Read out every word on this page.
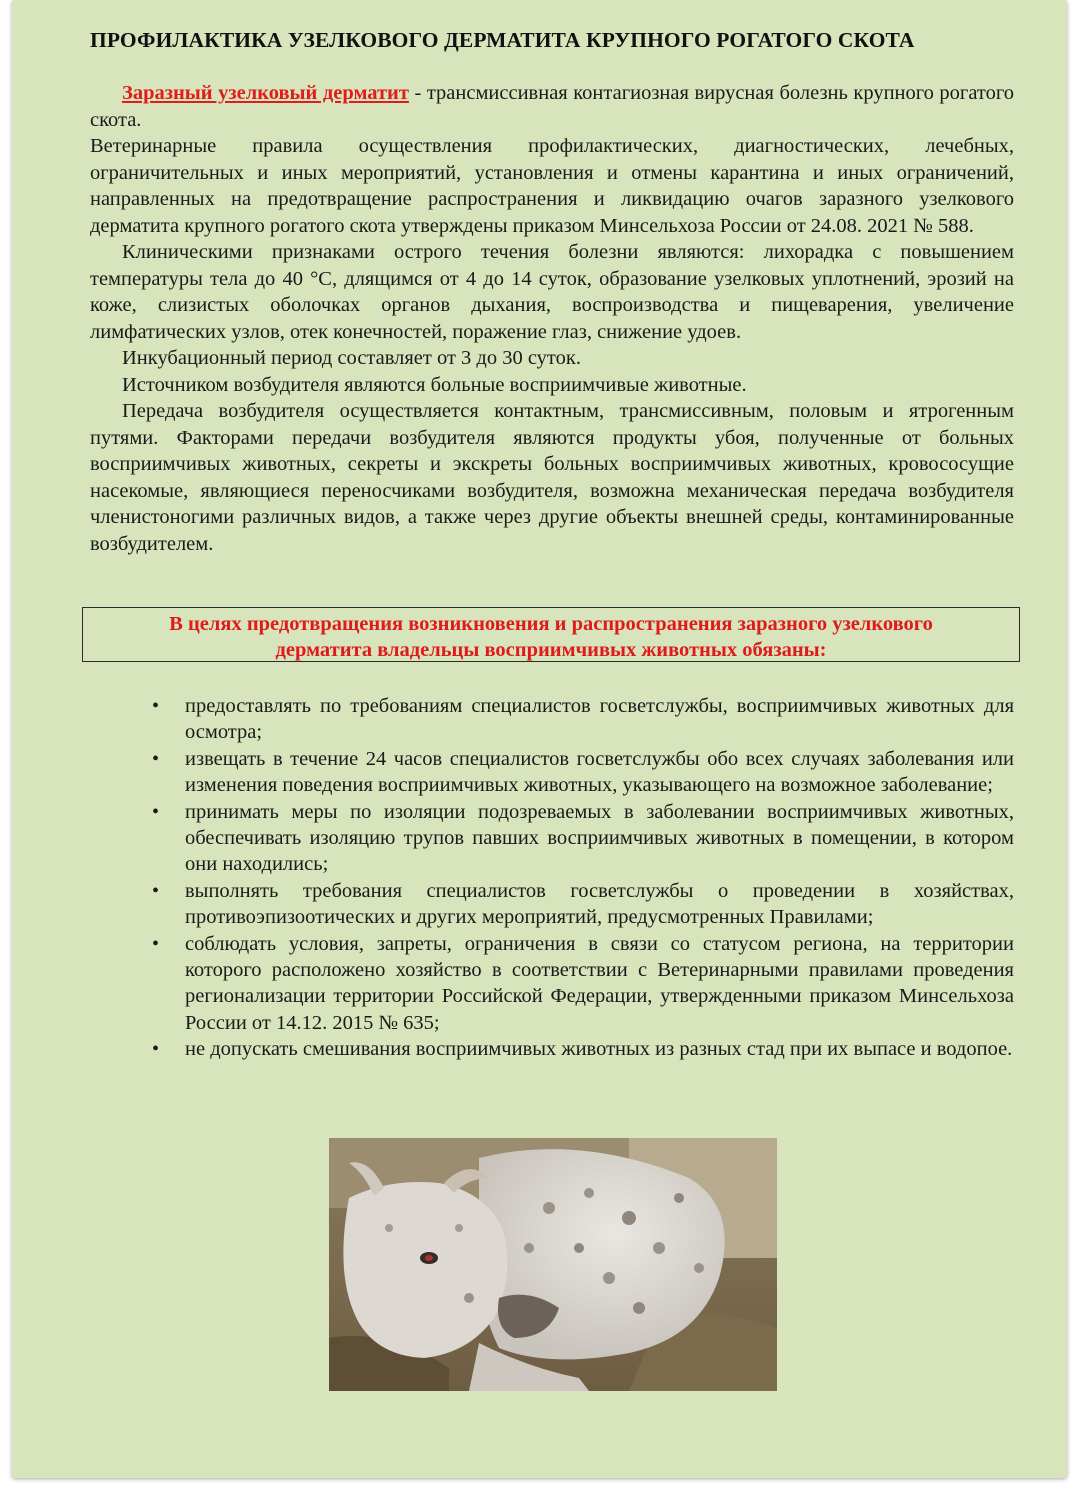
ПРОФИЛАКТИКА УЗЕЛКОВОГО ДЕРМАТИТА КРУПНОГО РОГАТОГО СКОТА

Заразный узелковый дерматит - трансмиссивная контагиозная вирусная болезнь крупного рогатого скота.

Ветеринарные правила осуществления профилактических, диагностических, лечебных, ограничительных и иных мероприятий, установления и отмены карантина и иных ограничений, направленных на предотвращение распространения и ликвидацию очагов заразного узелкового дерматита крупного рогатого скота утверждены приказом Минсельхоза России от 24.08. 2021 № 588.

Клиническими признаками острого течения болезни являются: лихорадка с повышением температуры тела до 40 °С, длящимся от 4 до 14 суток, образование узелковых уплотнений, эрозий на коже, слизистых оболочках органов дыхания, воспроизводства и пищеварения, увеличение лимфатических узлов, отек конечностей, поражение глаз, снижение удоев.

Инкубационный период составляет от 3 до 30 суток.

Источником возбудителя являются больные восприимчивые животные.

Передача возбудителя осуществляется контактным, трансмиссивным, половым и ятрогенным путями. Факторами передачи возбудителя являются продукты убоя, полученные от больных восприимчивых животных, секреты и экскреты больных восприимчивых животных, кровососущие насекомые, являющиеся переносчиками возбудителя, возможна механическая передача возбудителя членистоногими различных видов, а также через другие объекты внешней среды, контаминированные возбудителем.

В целях предотвращения возникновения и распространения заразного узелкового
дерматита владельцы восприимчивых животных обязаны:
• предоставлять по требованиям специалистов госветслужбы, восприимчивых животных для осмотра;
• извещать в течение 24 часов специалистов госветслужбы обо всех случаях заболевания или изменения поведения восприимчивых животных, указывающего на возможное заболевание;
• принимать меры по изоляции подозреваемых в заболевании восприимчивых животных, обеспечивать изоляцию трупов павших восприимчивых животных в помещении, в котором они находились;
• выполнять требования специалистов госветслужбы о проведении в хозяйствах, противоэпизоотических и других мероприятий, предусмотренных Правилами;
• соблюдать условия, запреты, ограничения в связи со статусом региона, на территории которого расположено хозяйство в соответствии с Ветеринарными правилами проведения регионализации территории Российской Федерации, утвержденными приказом Минсельхоза России от 14.12. 2015 № 635;
• не допускать смешивания восприимчивых животных из разных стад при их выпасе и водопое.
